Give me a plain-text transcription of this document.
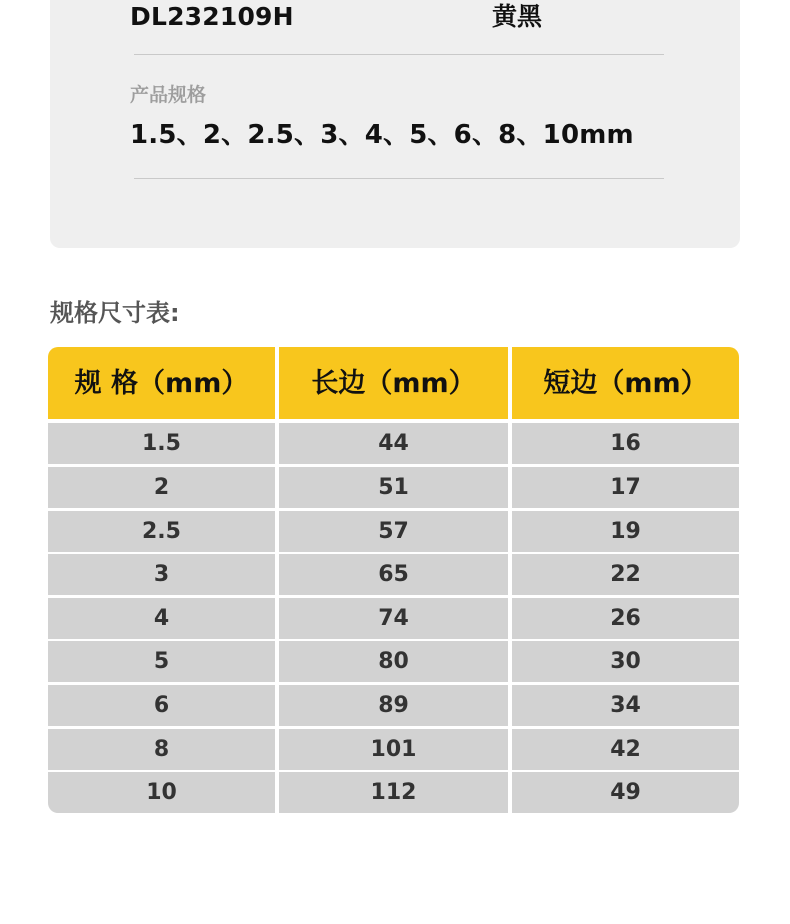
DL232109H	黄黑
产品规格
1.5、2、2.5、3、4、5、6、8、10mm
规格尺寸表:
规 格（mm）	长边（mm）	短边（mm）
1.5	44	16
2	51	17
2.5	57	19
3	65	22
4	74	26
5	80	30
6	89	34
8	101	42
10	112	49
